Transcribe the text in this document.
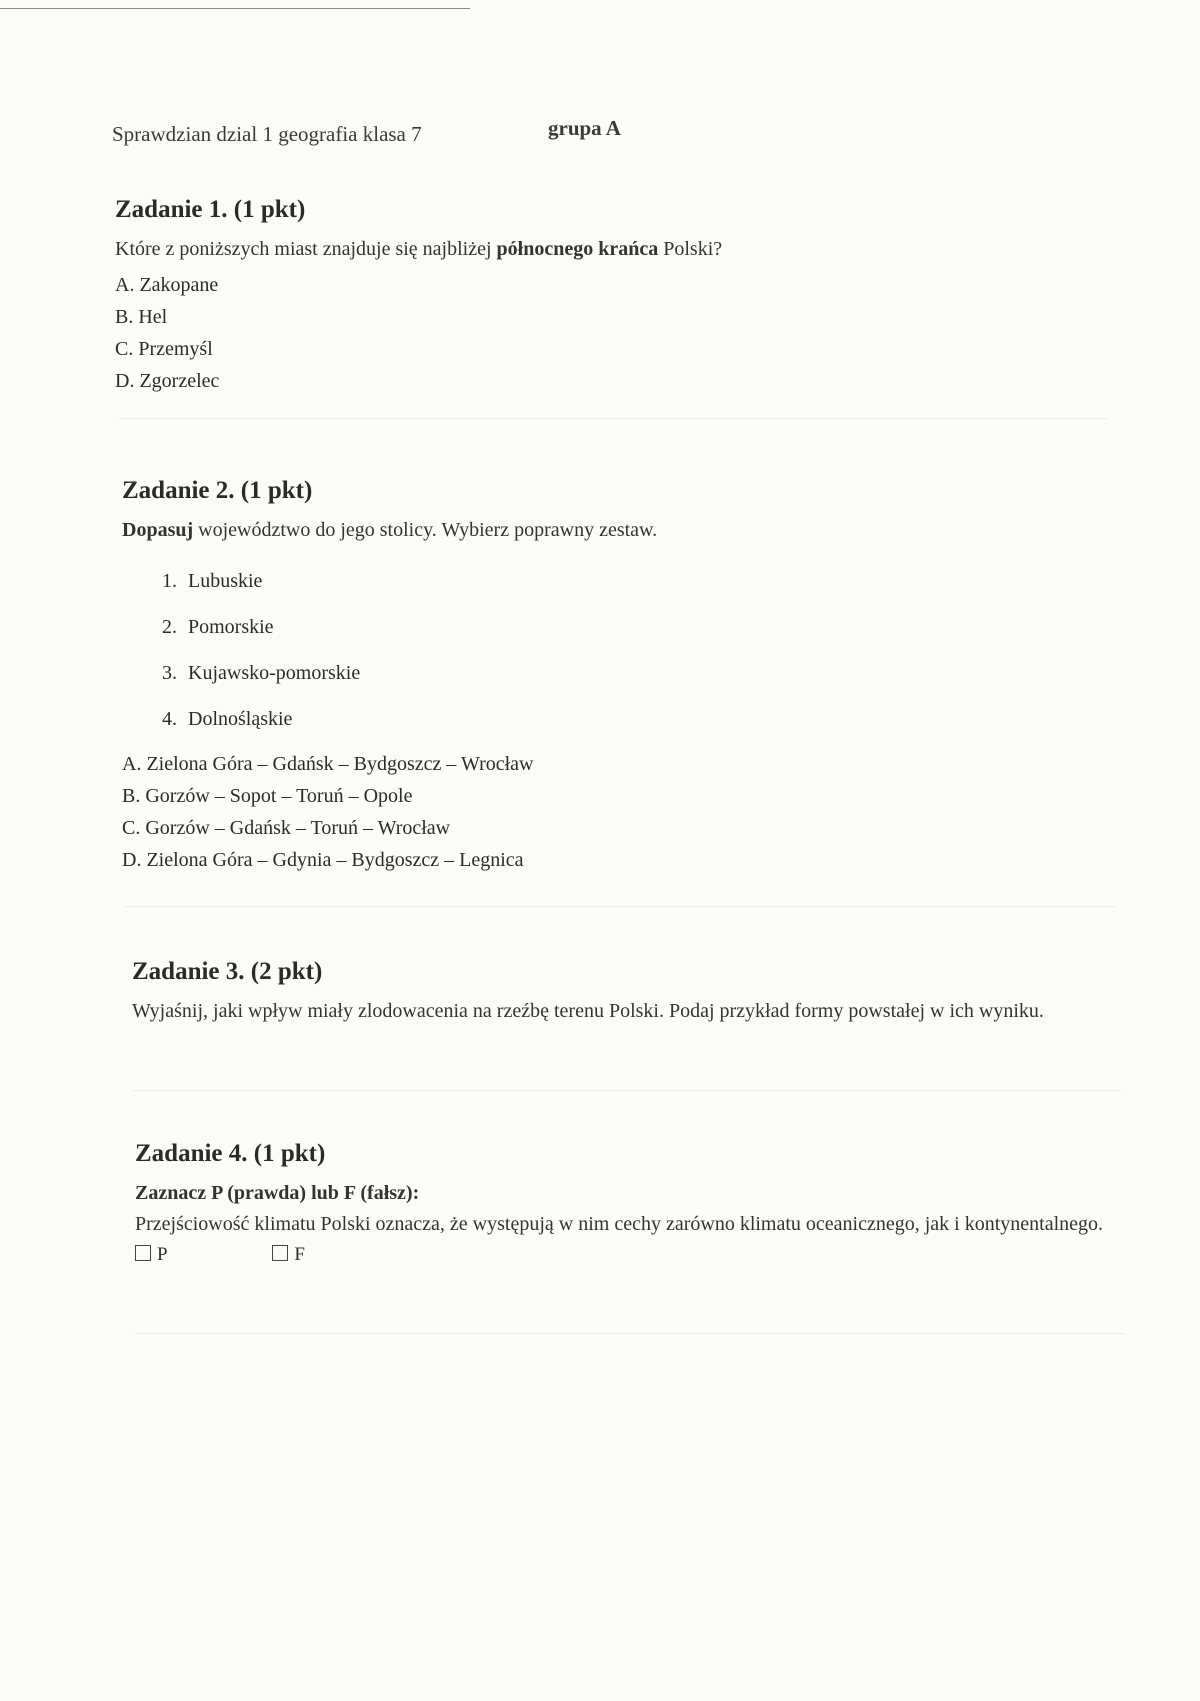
Sprawdzian dzial 1 geografia klasa 7	grupa A
Zadanie 1. (1 pkt)
Które z poniższych miast znajduje się najbliżej północnego krańca Polski?
A. Zakopane
B. Hel
C. Przemyśl
D. Zgorzelec
Zadanie 2. (1 pkt)
Dopasuj województwo do jego stolicy. Wybierz poprawny zestaw.
1. Lubuskie
2. Pomorskie
3. Kujawsko-pomorskie
4. Dolnośląskie
A. Zielona Góra – Gdańsk – Bydgoszcz – Wrocław
B. Gorzów – Sopot – Toruń – Opole
C. Gorzów – Gdańsk – Toruń – Wrocław
D. Zielona Góra – Gdynia – Bydgoszcz – Legnica
Zadanie 3. (2 pkt)
Wyjaśnij, jaki wpływ miały zlodowacenia na rzeźbę terenu Polski. Podaj przykład formy powstałej w ich wyniku.
Zadanie 4. (1 pkt)
Zaznacz P (prawda) lub F (fałsz):
Przejściowość klimatu Polski oznacza, że występują w nim cechy zarówno klimatu oceanicznego, jak i kontynentalnego.
P	F
